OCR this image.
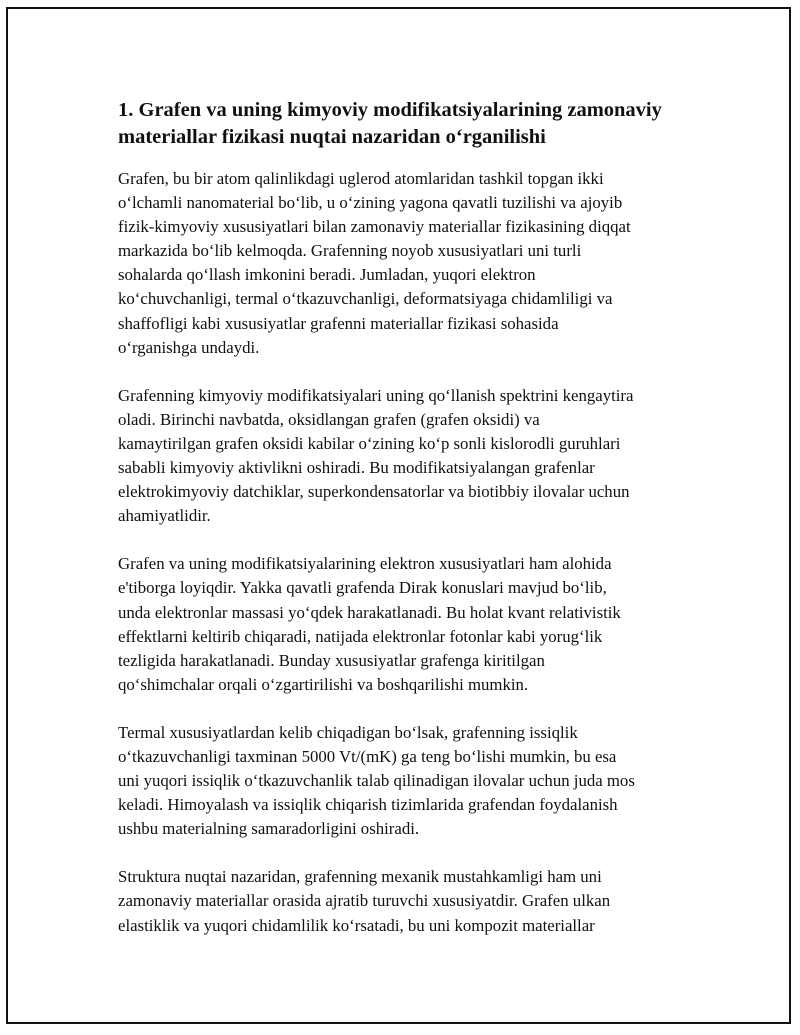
1. Grafen va uning kimyoviy modifikatsiyalarining zamonaviy
materiallar fizikasi nuqtai nazaridan o‘rganilishi

Grafen, bu bir atom qalinlikdagi uglerod atomlaridan tashkil topgan ikki
o‘lchamli nanomaterial bo‘lib, u o‘zining yagona qavatli tuzilishi va ajoyib
fizik-kimyoviy xususiyatlari bilan zamonaviy materiallar fizikasining diqqat
markazida bo‘lib kelmoqda. Grafenning noyob xususiyatlari uni turli
sohalarda qo‘llash imkonini beradi. Jumladan, yuqori elektron
ko‘chuvchanligi, termal o‘tkazuvchanligi, deformatsiyaga chidamliligi va
shaffofligi kabi xususiyatlar grafenni materiallar fizikasi sohasida
o‘rganishga undaydi.

Grafenning kimyoviy modifikatsiyalari uning qo‘llanish spektrini kengaytira
oladi. Birinchi navbatda, oksidlangan grafen (grafen oksidi) va
kamaytirilgan grafen oksidi kabilar o‘zining ko‘p sonli kislorodli guruhlari
sababli kimyoviy aktivlikni oshiradi. Bu modifikatsiyalangan grafenlar
elektrokimyoviy datchiklar, superkondensatorlar va biotibbiy ilovalar uchun
ahamiyatlidir.

Grafen va uning modifikatsiyalarining elektron xususiyatlari ham alohida
e'tiborga loyiqdir. Yakka qavatli grafenda Dirak konuslari mavjud bo‘lib,
unda elektronlar massasi yo‘qdek harakatlanadi. Bu holat kvant relativistik
effektlarni keltirib chiqaradi, natijada elektronlar fotonlar kabi yorug‘lik
tezligida harakatlanadi. Bunday xususiyatlar grafenga kiritilgan
qo‘shimchalar orqali o‘zgartirilishi va boshqarilishi mumkin.

Termal xususiyatlardan kelib chiqadigan bo‘lsak, grafenning issiqlik
o‘tkazuvchanligi taxminan 5000 Vt/(mK) ga teng bo‘lishi mumkin, bu esa
uni yuqori issiqlik o‘tkazuvchanlik talab qilinadigan ilovalar uchun juda mos
keladi. Himoyalash va issiqlik chiqarish tizimlarida grafendan foydalanish
ushbu materialning samaradorligini oshiradi.

Struktura nuqtai nazaridan, grafenning mexanik mustahkamligi ham uni
zamonaviy materiallar orasida ajratib turuvchi xususiyatdir. Grafen ulkan
elastiklik va yuqori chidamlilik ko‘rsatadi, bu uni kompozit materiallar
